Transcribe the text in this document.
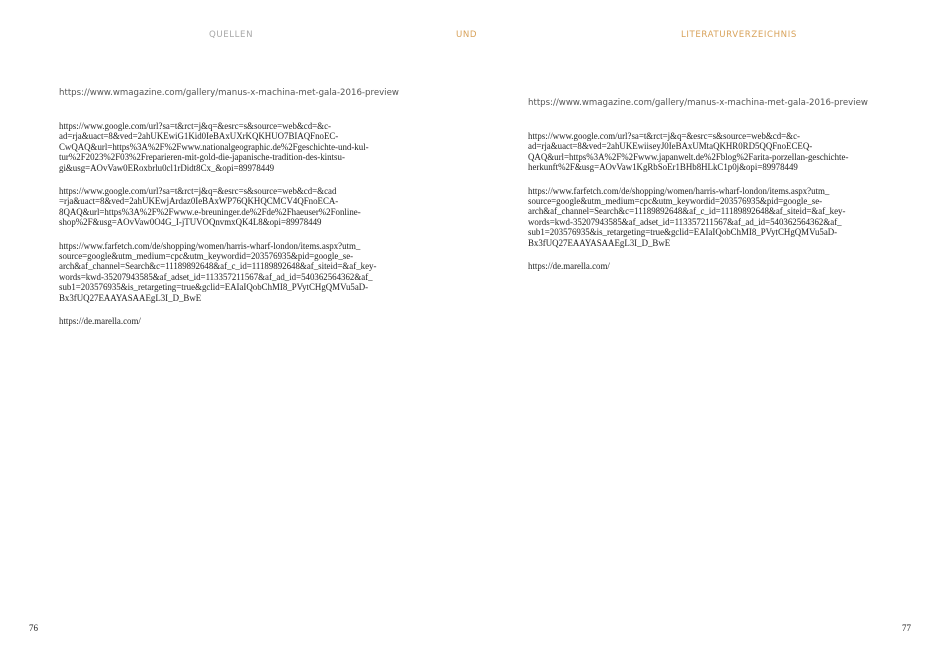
QUELLEN	UND	LITERATURVERZEICHNIS
https://www.wmagazine.com/gallery/manus-x-machina-met-gala-2016-preview
https://www.google.com/url?sa=t&rct=j&q=&esrc=s&source=web&cd=&c-
ad=rja&uact=8&ved=2ahUKEwiG1Kid0IeBAxUXrKQKHUO7BIAQFnoEC-
CwQAQ&url=https%3A%2F%2Fwww.nationalgeographic.de%2Fgeschichte-und-kul-
tur%2F2023%2F03%2Freparieren-mit-gold-die-japanische-tradition-des-kintsu-
gi&usg=AOvVaw0ERoxbrlu0cl1rDidt8Cx_&opi=89978449
https://www.google.com/url?sa=t&rct=j&q=&esrc=s&source=web&cd=&cad
=rja&uact=8&ved=2ahUKEwjArdaz0IeBAxWP76QKHQCMCV4QFnoECA-
8QAQ&url=https%3A%2F%2Fwww.e-breuninger.de%2Fde%2Fhaeuser%2Fonline-
shop%2F&usg=AOvVaw0O4G_I-jTUVOQnvmxQK4L8&opi=89978449
https://www.farfetch.com/de/shopping/women/harris-wharf-london/items.aspx?utm_
source=google&utm_medium=cpc&utm_keywordid=203576935&pid=google_se-
arch&af_channel=Search&c=11189892648&af_c_id=11189892648&af_siteid=&af_key-
words=kwd-35207943585&af_adset_id=113357211567&af_ad_id=540362564362&af_
sub1=203576935&is_retargeting=true&gclid=EAIaIQobChMI8_PVytCHgQMVu5aD-
Bx3fUQ27EAAYASAAEgL3I_D_BwE
https://de.marella.com/
https://www.wmagazine.com/gallery/manus-x-machina-met-gala-2016-preview
https://www.google.com/url?sa=t&rct=j&q=&esrc=s&source=web&cd=&c-
ad=rja&uact=8&ved=2ahUKEwiiseyJ0IeBAxUMtaQKHR0RD5QQFnoECEQ-
QAQ&url=https%3A%2F%2Fwww.japanwelt.de%2Fblog%2Farita-porzellan-geschichte-
herkunft%2F&usg=AOvVaw1KgRbSoEr1BHb8HLkC1p0j&opi=89978449
https://www.farfetch.com/de/shopping/women/harris-wharf-london/items.aspx?utm_
source=google&utm_medium=cpc&utm_keywordid=203576935&pid=google_se-
arch&af_channel=Search&c=11189892648&af_c_id=11189892648&af_siteid=&af_key-
words=kwd-35207943585&af_adset_id=113357211567&af_ad_id=540362564362&af_
sub1=203576935&is_retargeting=true&gclid=EAIaIQobChMI8_PVytCHgQMVu5aD-
Bx3fUQ27EAAYASAAEgL3I_D_BwE
https://de.marella.com/
76	77
